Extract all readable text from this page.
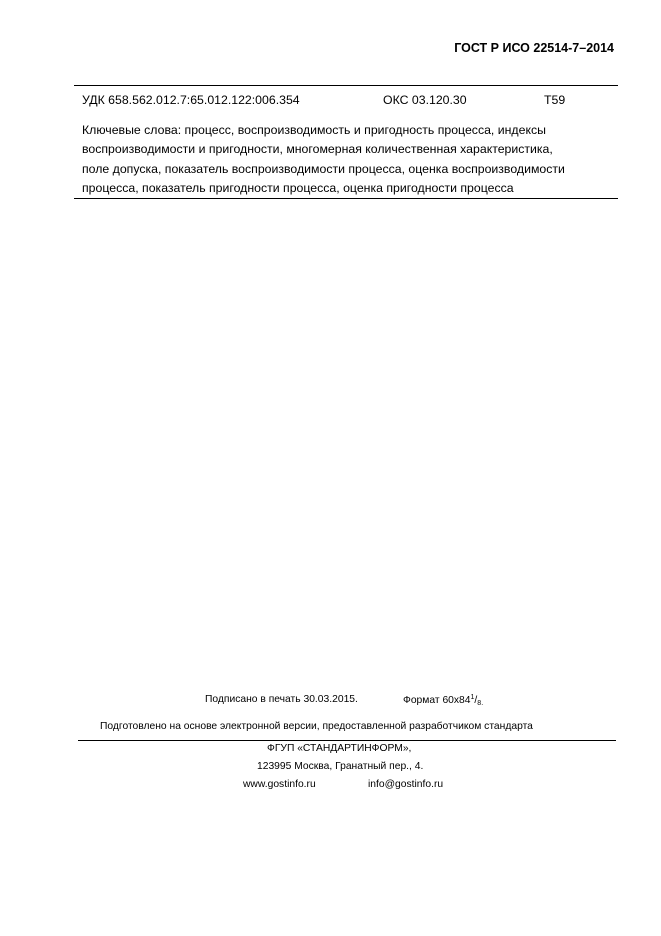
ГОСТ Р ИСО 22514-7–2014
УДК 658.562.012.7:65.012.122:006.354	ОКС 03.120.30	Т59
Ключевые слова: процесс, воспроизводимость и пригодность процесса, индексы
воспроизводимости и пригодности, многомерная количественная характеристика,
поле допуска, показатель воспроизводимости процесса, оценка воспроизводимости
процесса, показатель пригодности процесса, оценка пригодности процесса
Подписано в печать 30.03.2015.	Формат $60x84^1/_{8.}$
Подготовлено на основе электронной версии, предоставленной разработчиком стандарта
ФГУП «СТАНДАРТИНФОРМ»,
123995 Москва, Гранатный пер., 4.
www.gostinfo.ru	info@gostinfo.ru
